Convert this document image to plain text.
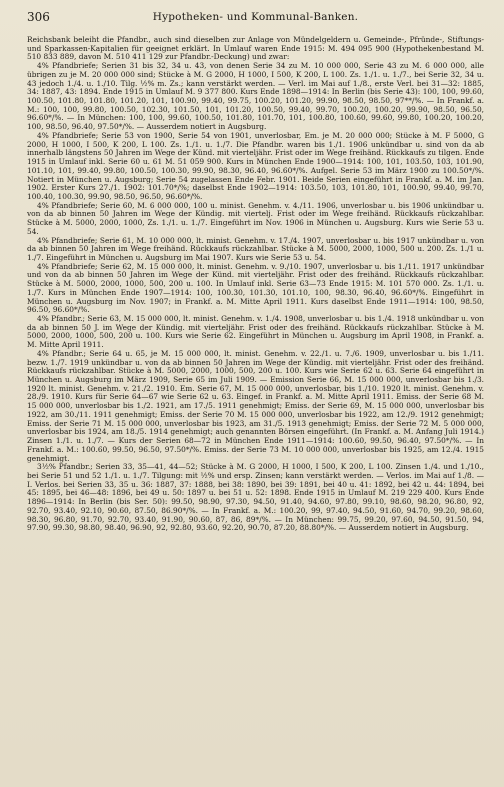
306	Hypotheken- und Kommunal-Banken.

Reichsbank beleiht die Pfandbr., auch sind dieselben zur Anlage von Mündelgeldern u. Gemeinde-, Pfründe-, Stiftungs- und Sparkassen-Kapitalien für geeignet erklärt. In Umlauf waren Ende 1915: M. 494 095 900 (Hypothekenbestand M. 510 833 889, davon M. 510 411 129 zur Pfandbr.-Deckung) und zwar:

4% Pfandbriefe; Serien 31 bis 32, 34 u. 43, von denen Serie 34 zu M. 10 000 000, Serie 43 zu M. 6 000 000, alle übrigen zu je M. 20 000 000 sind; Stücke à M. G 2000, H 1000, I 500, K 200, L 100. Zs. 1./1. u. 1./7., bei Serie 32, 34 u. 43 jedoch 1./4. u. 1./10. Tilg. ½% m. Zs.; kann verstärkt werden. — Verl. im Mai auf 1./8., erste Verl. bei 31—32: 1885, 34: 1887, 43: 1894. Ende 1915 in Umlauf M. 9 377 800. Kurs Ende 1898—1914: In Berlin (bis Serie 43): 100, 100, 99.60, 100.50, 101.80, 101.80, 101.20, 101, 100.90, 99.40, 99.75, 100.20, 101.20, 99.90, 98.50, 98.50, 97**/%. — In Frankf. a. M.: 100, 100, 99.80, 100.50, 102.30, 101.50, 101, 101.20, 100.50, 99.40, 99.70, 100.20, 100.20, 99.90, 98.50, 96.50, 96.60*/%. — In München: 100, 100, 99.60, 100.50, 101.80, 101.70, 101, 100.80, 100.60, 99.60, 99.80, 100.20, 100.20, 100, 98.50, 96.40, 97.50*/%. — Ausserdem notiert in Augsburg.

4% Pfandbriefe; Serie 53 von 1900, Serie 54 von 1901, unverlosbar, Em. je M. 20 000 000; Stücke à M. F 5000, G 2000, H 1000, I 500, K 200, L 100. Zs. 1./1. u. 1./7. Die Pfandbr. waren bis 1./1. 1906 unkündbar u. sind von da ab innerhalb längstens 50 Jahren im Wege der Künd. mit vierteljähr. Frist oder im Wege freihänd. Rückkaufs zu tilgen. Ende 1915 in Umlauf inkl. Serie 60 u. 61 M. 51 059 900. Kurs in München Ende 1900—1914: 100, 101, 103.50, 103, 101.90, 101.10, 101, 99.40, 99.80, 100.50, 100.30, 99.90, 98.30, 96.40, 96.60*/%. Aufgel. Serie 53 im März 1900 zu 100.50*/%. Notiert in München u. Augsburg; Serie 54 zugelassen Ende Febr. 1901. Beide Serien eingeführt in Frankf. a. M. im Jan. 1902. Erster Kurs 27./1. 1902: 101.70*/%; daselbst Ende 1902—1914: 103.50, 103, 101.80, 101, 100.90, 99.40, 99.70, 100.40, 100.30, 99.90, 98.50, 96.50, 96.60*/%.

4% Pfandbriefe; Serie 60, M. 6 000 000, 100 u. minist. Genehm. v. 4./11. 1906, unverlosbar u. bis 1906 unkündbar u. von da ab binnen 50 Jahren im Wege der Kündig. mit viertelj. Frist oder im Wege freihänd. Rückkaufs rückzahlbar. Stücke à M. 5000, 2000, 1000, Zs. 1./1. u. 1./7. Eingeführt im Nov. 1906 in München u. Augsburg. Kurs wie Serie 53 u. 54.

4% Pfandbriefe; Serie 61, M. 10 000 000, lt. minist. Genehm. v. 17./4. 1907, unverlosbar u. bis 1917 unkündbar u. von da ab binnen 50 Jahren im Wege freihänd. Rückkaufs rückzahlbar. Stücke à M. 5000, 2000, 1000, 500 u. 200. Zs. 1./1 u. 1./7. Eingeführt in München u. Augsburg im Mai 1907. Kurs wie Serie 53 u. 54.

4% Pfandbriefe; Serie 62, M. 15 000 000, lt. minist. Genehm. v. 9./10. 1907, unverlosbar u. bis 1./11. 1917 unkündbar und von da ab binnen 50 Jahren im Wege der Künd. mit vierteljähr. Frist oder des freihänd. Rückkaufs rückzahlbar. Stücke à M. 5000, 2000, 1000, 500, 200 u. 100. In Umlauf inkl. Serie 63—73 Ende 1915: M. 101 570 000. Zs. 1./1. u. 1./7. Kurs in München Ende 1907—1914: 100, 100.30, 101.30, 101.10, 100, 98.30, 96.40, 96.60*/%. Eingeführt in München u. Augsburg im Nov. 1907; in Frankf. a. M. Mitte April 1911. Kurs daselbst Ende 1911—1914: 100, 98.50, 96.50, 96.60*/%.

4% Pfandbr.; Serie 63, M. 15 000 000, lt. minist. Genehm. v. 1./4. 1908, unverlosbar u. bis 1./4. 1918 unkündbar u. von da ab binnen 50 J. im Wege der Kündig. mit vierteljähr. Frist oder des freihänd. Rückkaufs rückzahlbar. Stücke à M. 5000, 2000, 1000, 500, 200 u. 100. Kurs wie Serie 62. Eingeführt in München u. Augsburg im April 1908, in Frankf. a. M. Mitte April 1911.

4% Pfandbr.; Serie 64 u. 65, je M. 15 000 000, lt. minist. Genehm. v. 22./1. u. 7./6. 1909, unverlosbar u. bis 1./11. bezw. 1./7. 1919 unkündbar u. von da ab binnen 50 Jahren im Wege der Kündig. mit vierteljähr. Frist oder des freihänd. Rückkaufs rückzahlbar. Stücke à M. 5000, 2000, 1000, 500, 200 u. 100. Kurs wie Serie 62 u. 63. Serie 64 eingeführt in München u. Augsburg im März 1909, Serie 65 im Juli 1909. — Emission Serie 66, M. 15 000 000, unverlosbar bis 1./3. 1920 lt. minist. Genehm. v. 21./2. 1910. Em. Serie 67, M. 15 000 000, unverlosbar, bis 1./10. 1920 lt. minist. Genehm. v. 28./9. 1910. Kurs für Serie 64—67 wie Serie 62 u. 63. Eingef. in Frankf. a. M. Mitte April 1911. Emiss. der Serie 68 M. 15 000 000, unverlosbar bis 1./2. 1921, am 17./5. 1911 genehmigt; Emiss. der Serie 69, M. 15 000 000, unverlosbar bis 1922, am 30./11. 1911 genehmigt; Emiss. der Serie 70 M. 15 000 000, unverlosbar bis 1922, am 12./9. 1912 genehmigt; Emiss. der Serie 71 M. 15 000 000, unverlosbar bis 1923, am 31./5. 1913 genehmigt; Emiss. der Serie 72 M. 5 000 000, unverlosbar bis 1924, am 18./5. 1914 genehmigt; auch genannten Börsen eingeführt. (In Frankf. a. M. Anfang Juli 1914.) Zinsen 1./1. u. 1./7. — Kurs der Serien 68—72 in München Ende 1911—1914: 100.60, 99.50, 96.40, 97.50*/%. — In Frankf. a. M.: 100.60, 99.50, 96.50, 97.50*/%. Emiss. der Serie 73 M. 10 000 000, unverlosbar bis 1925, am 12./4. 1915 genehmigt.

3½% Pfandbr.; Serien 33, 35—41, 44—52; Stücke à M. G 2000, H 1000, I 500, K 200, L 100. Zinsen 1./4. und 1./10., bei Serie 51 und 52 1./1. u. 1./7. Tilgung: mit ½% und ersp. Zinsen; kann verstärkt werden. — Verlos. im Mai auf 1./8. — I. Verlos. bei Serien 33, 35 u. 36: 1887, 37: 1888, bei 38: 1890, bei 39: 1891, bei 40 u. 41: 1892, bei 42 u. 44: 1894, bei 45: 1895, bei 46—48: 1896, bei 49 u. 50: 1897 u. bei 51 u. 52: 1898. Ende 1915 in Umlauf M. 219 229 400. Kurs Ende 1896—1914: In Berlin (bis Ser. 50): 99.50, 98.90, 97.30, 94.50, 91.40, 94.60, 97.80, 99.10, 98.60, 98.20, 96.80, 92, 92.70, 93.40, 92.10, 90.60, 87.50, 86.90*/%. — In Frankf. a. M.: 100.20, 99, 97.40, 94.50, 91.60, 94.70, 99.20, 98.60, 98.30, 96.80, 91.70, 92.70, 93.40, 91.90, 90.60, 87, 86, 89*/%. — In München: 99.75, 99.20, 97.60, 94.50, 91.50, 94, 97.90, 99.30, 98.80, 98.40, 96.90, 92, 92.80, 93.60, 92.20, 90.70, 87.20, 88.80*/%. — Ausserdem notiert in Augsburg.
